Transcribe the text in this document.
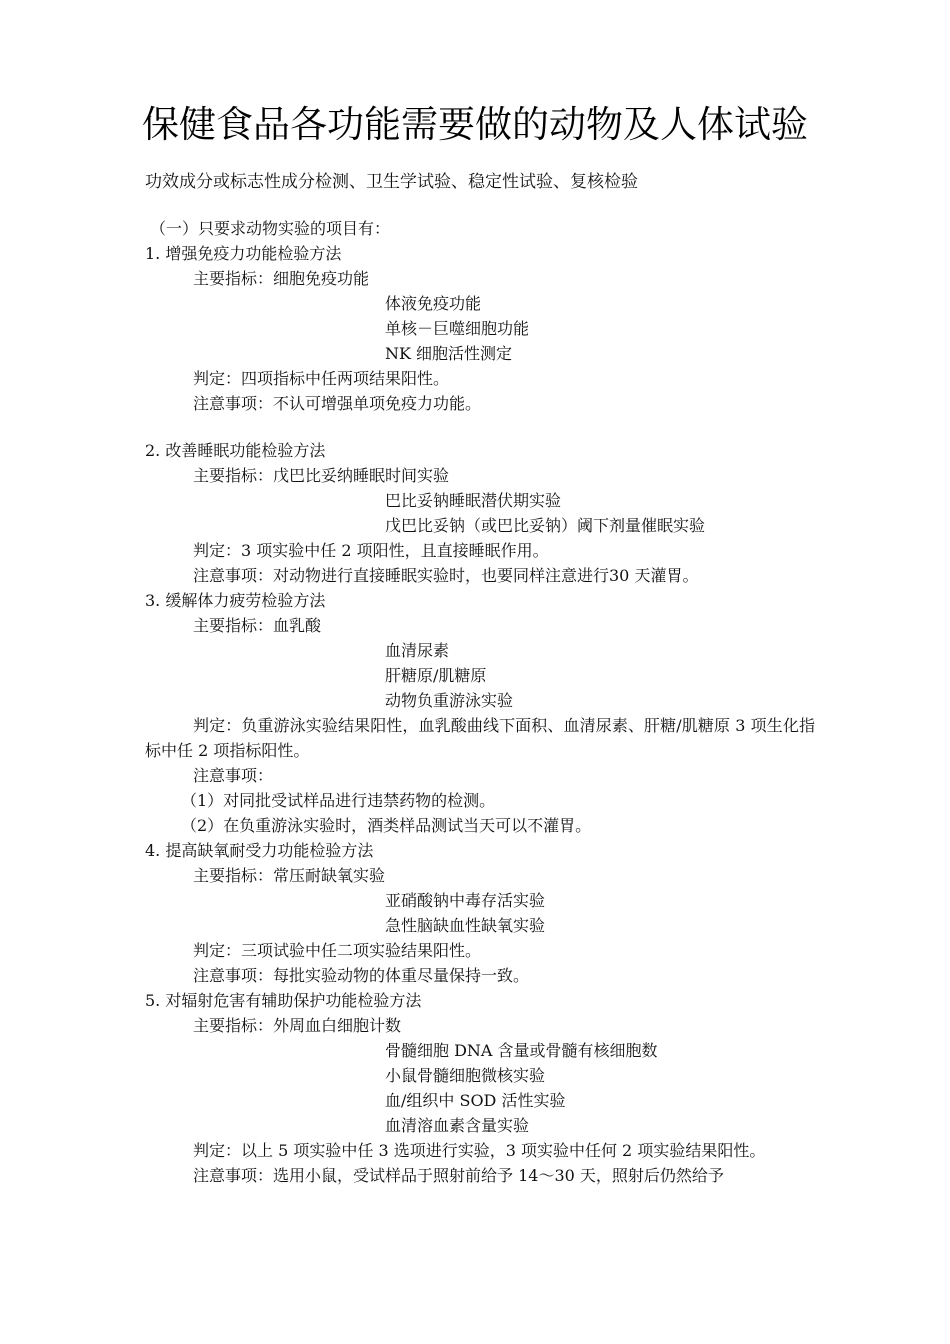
保健食品各功能需要做的动物及人体试验
功效成分或标志性成分检测、卫生学试验、稳定性试验、复核检验
（一）只要求动物实验的项目有：
1. 增强免疫力功能检验方法
主要指标：细胞免疫功能
体液免疫功能
单核－巨噬细胞功能
NK 细胞活性测定
判定：四项指标中任两项结果阳性。
注意事项：不认可增强单项免疫力功能。
2. 改善睡眠功能检验方法
主要指标：戊巴比妥纳睡眠时间实验
巴比妥钠睡眠潜伏期实验
戊巴比妥钠（或巴比妥钠）阈下剂量催眠实验
判定：3 项实验中任 2 项阳性，且直接睡眠作用。
注意事项：对动物进行直接睡眠实验时，也要同样注意进行30 天灌胃。
3. 缓解体力疲劳检验方法
主要指标：血乳酸
血清尿素
肝糖原/肌糖原
动物负重游泳实验
判定：负重游泳实验结果阳性，血乳酸曲线下面积、血清尿素、肝糖/肌糖原 3 项生化指标中任 2 项指标阳性。
注意事项：
（1）对同批受试样品进行违禁药物的检测。
（2）在负重游泳实验时，酒类样品测试当天可以不灌胃。
4. 提高缺氧耐受力功能检验方法
主要指标：常压耐缺氧实验
亚硝酸钠中毒存活实验
急性脑缺血性缺氧实验
判定：三项试验中任二项实验结果阳性。
注意事项：每批实验动物的体重尽量保持一致。
5. 对辐射危害有辅助保护功能检验方法
主要指标：外周血白细胞计数
骨髓细胞 DNA 含量或骨髓有核细胞数
小鼠骨髓细胞微核实验
血/组织中 SOD 活性实验
血清溶血素含量实验
判定：以上 5 项实验中任 3 选项进行实验，3 项实验中任何 2 项实验结果阳性。
注意事项：选用小鼠，受试样品于照射前给予 14～30 天，照射后仍然给予
